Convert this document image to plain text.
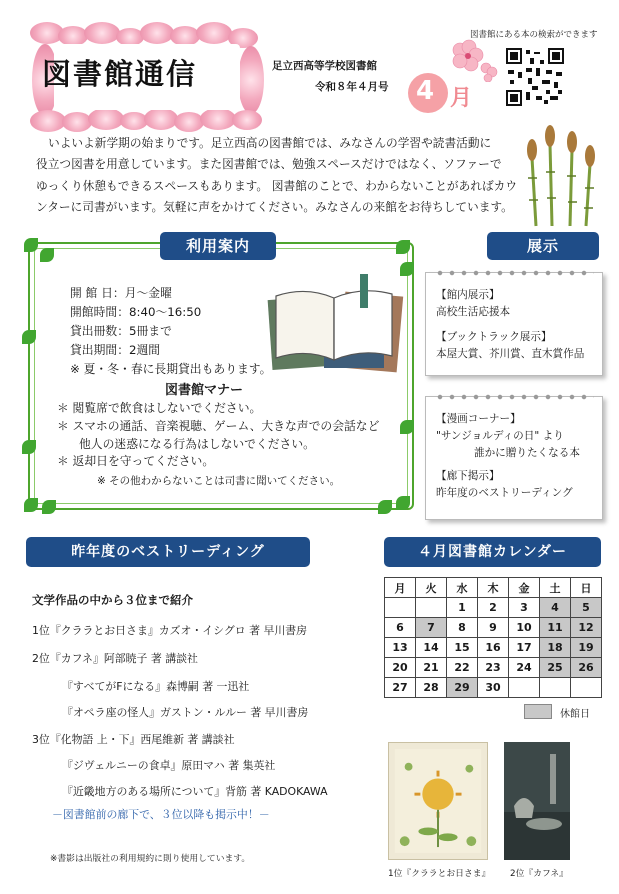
図書館通信	足立西高等学校図書館
令和８年４月号 4 月
図書館にある本の検索ができます
いよいよ新学期の始まりです。足立西高の図書館では、みなさんの学習や読書活動に
役立つ図書を用意しています。また図書館では、勉強スペースだけではなく、ソファーで
ゆっくり休憩もできるスペースもあります。 図書館のことで、わからないことがあればカウ
ンターに司書がいます。気軽に声をかけてください。みなさんの来館をお待ちしています。
利用案内
開 館 日：月～金曜
開館時間：8:40～16:50
貸出冊数：5冊まで
貸出期間：2週間
※ 夏・冬・春に長期貸出もあります。
図書館マナー
＊ 閲覧席で飲食はしないでください。
＊ スマホの通話、音楽視聴、ゲーム、大きな声での会話など
他人の迷惑になる行為はしないでください。
＊ 返却日を守ってください。
※ その他わからないことは司書に聞いてください。
展示
【館内展示】
高校生活応援本
【ブックトラック展示】
本屋大賞、芥川賞、直木賞作品
【漫画コーナー】
"サンジョルディの日" より
誰かに贈りたくなる本
【廊下掲示】
昨年度のベストリーディング
昨年度のベストリーディング
文学作品の中から３位まで紹介
1位『クララとお日さま』カズオ・イシグロ 著 早川書房
2位『カフネ』阿部暁子 著 講談社
『すべてがFになる』森博嗣 著 一迅社
『オペラ座の怪人』ガストン・ルルー 著 早川書房
3位『化物語 上・下』西尾維新 著 講談社
『ジヴェルニーの食卓』原田マハ 著 集英社
『近畿地方のある場所について』背筋 著 KADOKAWA
－図書館前の廊下で、３位以降も掲示中！－
※書影は出版社の利用規約に則り使用しています。
４月図書館カレンダー
月	火	水	木	金	土	日
		1	2	3	4	5
6	7	8	9	10	11	12
13	14	15	16	17	18	19
20	21	22	23	24	25	26
27	28	29	30			
休館日
1位『クララとお日さま』 2位『カフネ』
